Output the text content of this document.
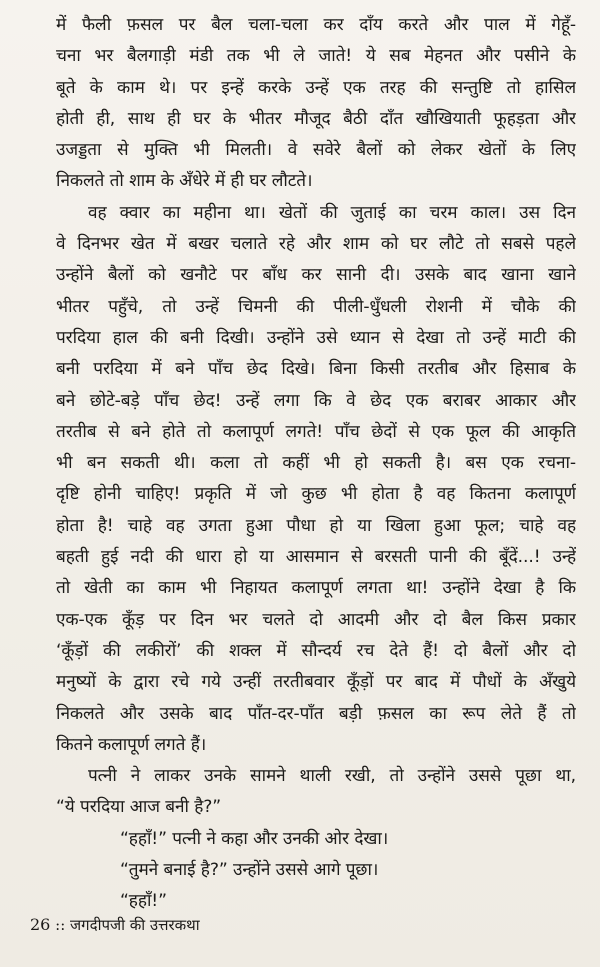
में फैली फ़सल पर बैल चला-चला कर दाँय करते और पाल में गेहूँ-
चना भर बैलगाड़ी मंडी तक भी ले जाते! ये सब मेहनत और पसीने के
बूते के काम थे। पर इन्हें करके उन्हें एक तरह की सन्तुष्टि तो हासिल
होती ही, साथ ही घर के भीतर मौजूद बैठी दाँत खौखियाती फूहड़ता और
उजड्डता से मुक्ति भी मिलती। वे सवेरे बैलों को लेकर खेतों के लिए
निकलते तो शाम के अँधेरे में ही घर लौटते।
वह क्वार का महीना था। खेतों की जुताई का चरम काल। उस दिन
वे दिनभर खेत में बखर चलाते रहे और शाम को घर लौटे तो सबसे पहले
उन्होंने बैलों को खनौटे पर बाँध कर सानी दी। उसके बाद खाना खाने
भीतर पहुँचे, तो उन्हें चिमनी की पीली-धुँधली रोशनी में चौके की
परदिया हाल की बनी दिखी। उन्होंने उसे ध्यान से देखा तो उन्हें माटी की
बनी परदिया में बने पाँच छेद दिखे। बिना किसी तरतीब और हिसाब के
बने छोटे-बड़े पाँच छेद! उन्हें लगा कि वे छेद एक बराबर आकार और
तरतीब से बने होते तो कलापूर्ण लगते! पाँच छेदों से एक फूल की आकृति
भी बन सकती थी। कला तो कहीं भी हो सकती है। बस एक रचना-
दृष्टि होनी चाहिए! प्रकृति में जो कुछ भी होता है वह कितना कलापूर्ण
होता है! चाहे वह उगता हुआ पौधा हो या खिला हुआ फूल; चाहे वह
बहती हुई नदी की धारा हो या आसमान से बरसती पानी की बूँदें...! उन्हें
तो खेती का काम भी निहायत कलापूर्ण लगता था! उन्होंने देखा है कि
एक-एक कूँड़ पर दिन भर चलते दो आदमी और दो बैल किस प्रकार
‘कूँड़ों की लकीरों’ की शक्ल में सौन्दर्य रच देते हैं! दो बैलों और दो
मनुष्यों के द्वारा रचे गये उन्हीं तरतीबवार कूँड़ों पर बाद में पौधों के अँखुये
निकलते और उसके बाद पाँत-दर-पाँत बड़ी फ़सल का रूप लेते हैं तो
कितने कलापूर्ण लगते हैं।
पत्नी ने लाकर उनके सामने थाली रखी, तो उन्होंने उससे पूछा था,
“ये परदिया आज बनी है?”
“हहाँ!” पत्नी ने कहा और उनकी ओर देखा।
“तुमने बनाई है?” उन्होंने उससे आगे पूछा।
“हहाँ!”
26 :: जगदीपजी की उत्तरकथा
